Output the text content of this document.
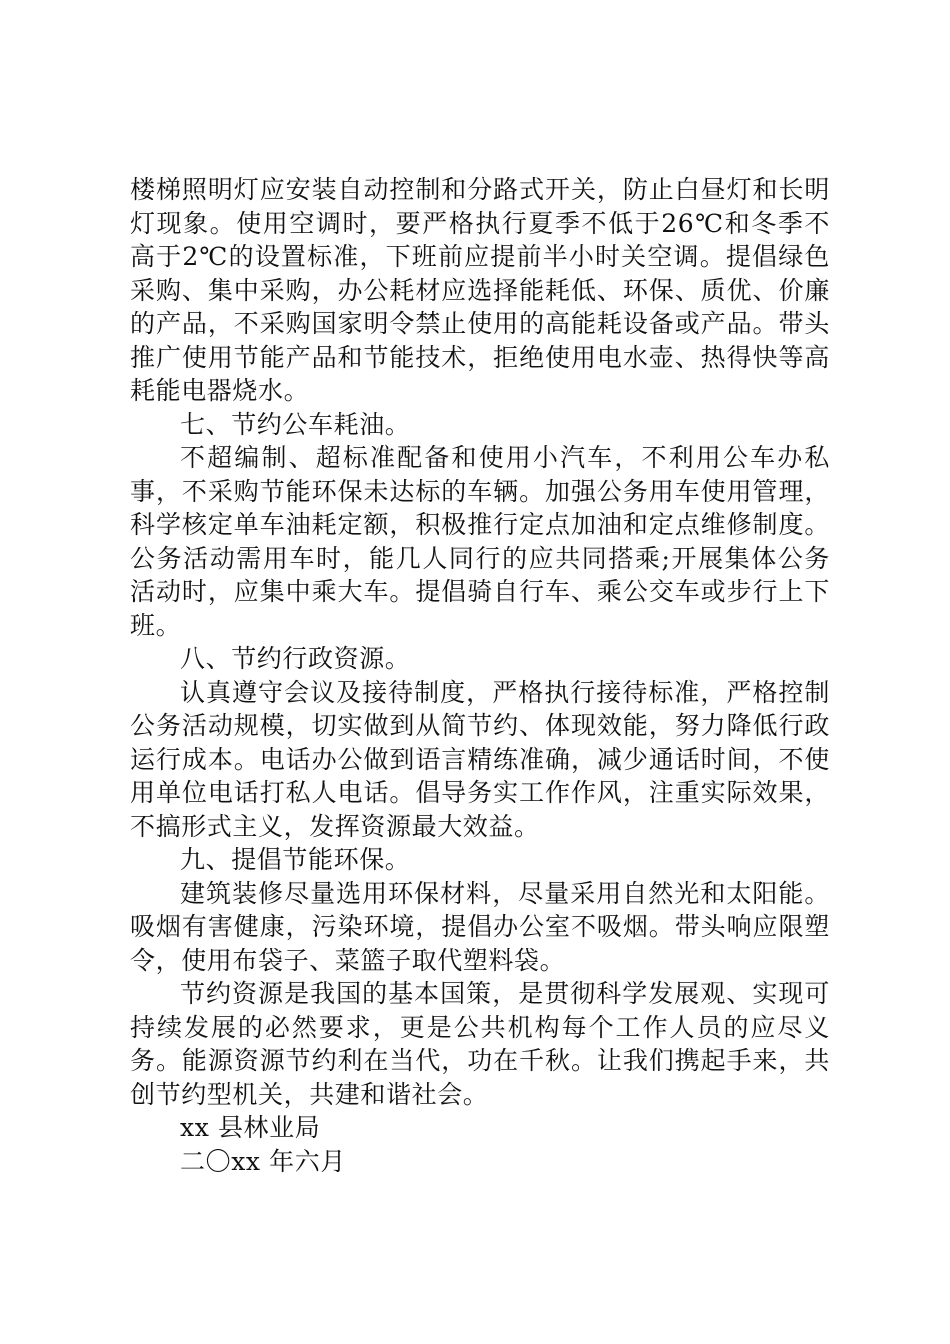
楼梯照明灯应安装自动控制和分路式开关，防止白昼灯和长明灯现象。使用空调时，要严格执行夏季不低于26℃和冬季不高于2℃的设置标准，下班前应提前半小时关空调。提倡绿色采购、集中采购，办公耗材应选择能耗低、环保、质优、价廉的产品，不采购国家明令禁止使用的高能耗设备或产品。带头推广使用节能产品和节能技术，拒绝使用电水壶、热得快等高耗能电器烧水。

七、节约公车耗油。

不超编制、超标准配备和使用小汽车，不利用公车办私事，不采购节能环保未达标的车辆。加强公务用车使用管理，科学核定单车油耗定额，积极推行定点加油和定点维修制度。公务活动需用车时，能几人同行的应共同搭乘;开展集体公务活动时，应集中乘大车。提倡骑自行车、乘公交车或步行上下班。

八、节约行政资源。

认真遵守会议及接待制度，严格执行接待标准，严格控制公务活动规模，切实做到从简节约、体现效能，努力降低行政运行成本。电话办公做到语言精练准确，减少通话时间，不使用单位电话打私人电话。倡导务实工作作风，注重实际效果，不搞形式主义，发挥资源最大效益。

九、提倡节能环保。

建筑装修尽量选用环保材料，尽量采用自然光和太阳能。吸烟有害健康，污染环境，提倡办公室不吸烟。带头响应限塑令，使用布袋子、菜篮子取代塑料袋。

节约资源是我国的基本国策，是贯彻科学发展观、实现可持续发展的必然要求，更是公共机构每个工作人员的应尽义务。能源资源节约利在当代，功在千秋。让我们携起手来，共创节约型机关，共建和谐社会。

xx 县林业局

二〇xx 年六月
